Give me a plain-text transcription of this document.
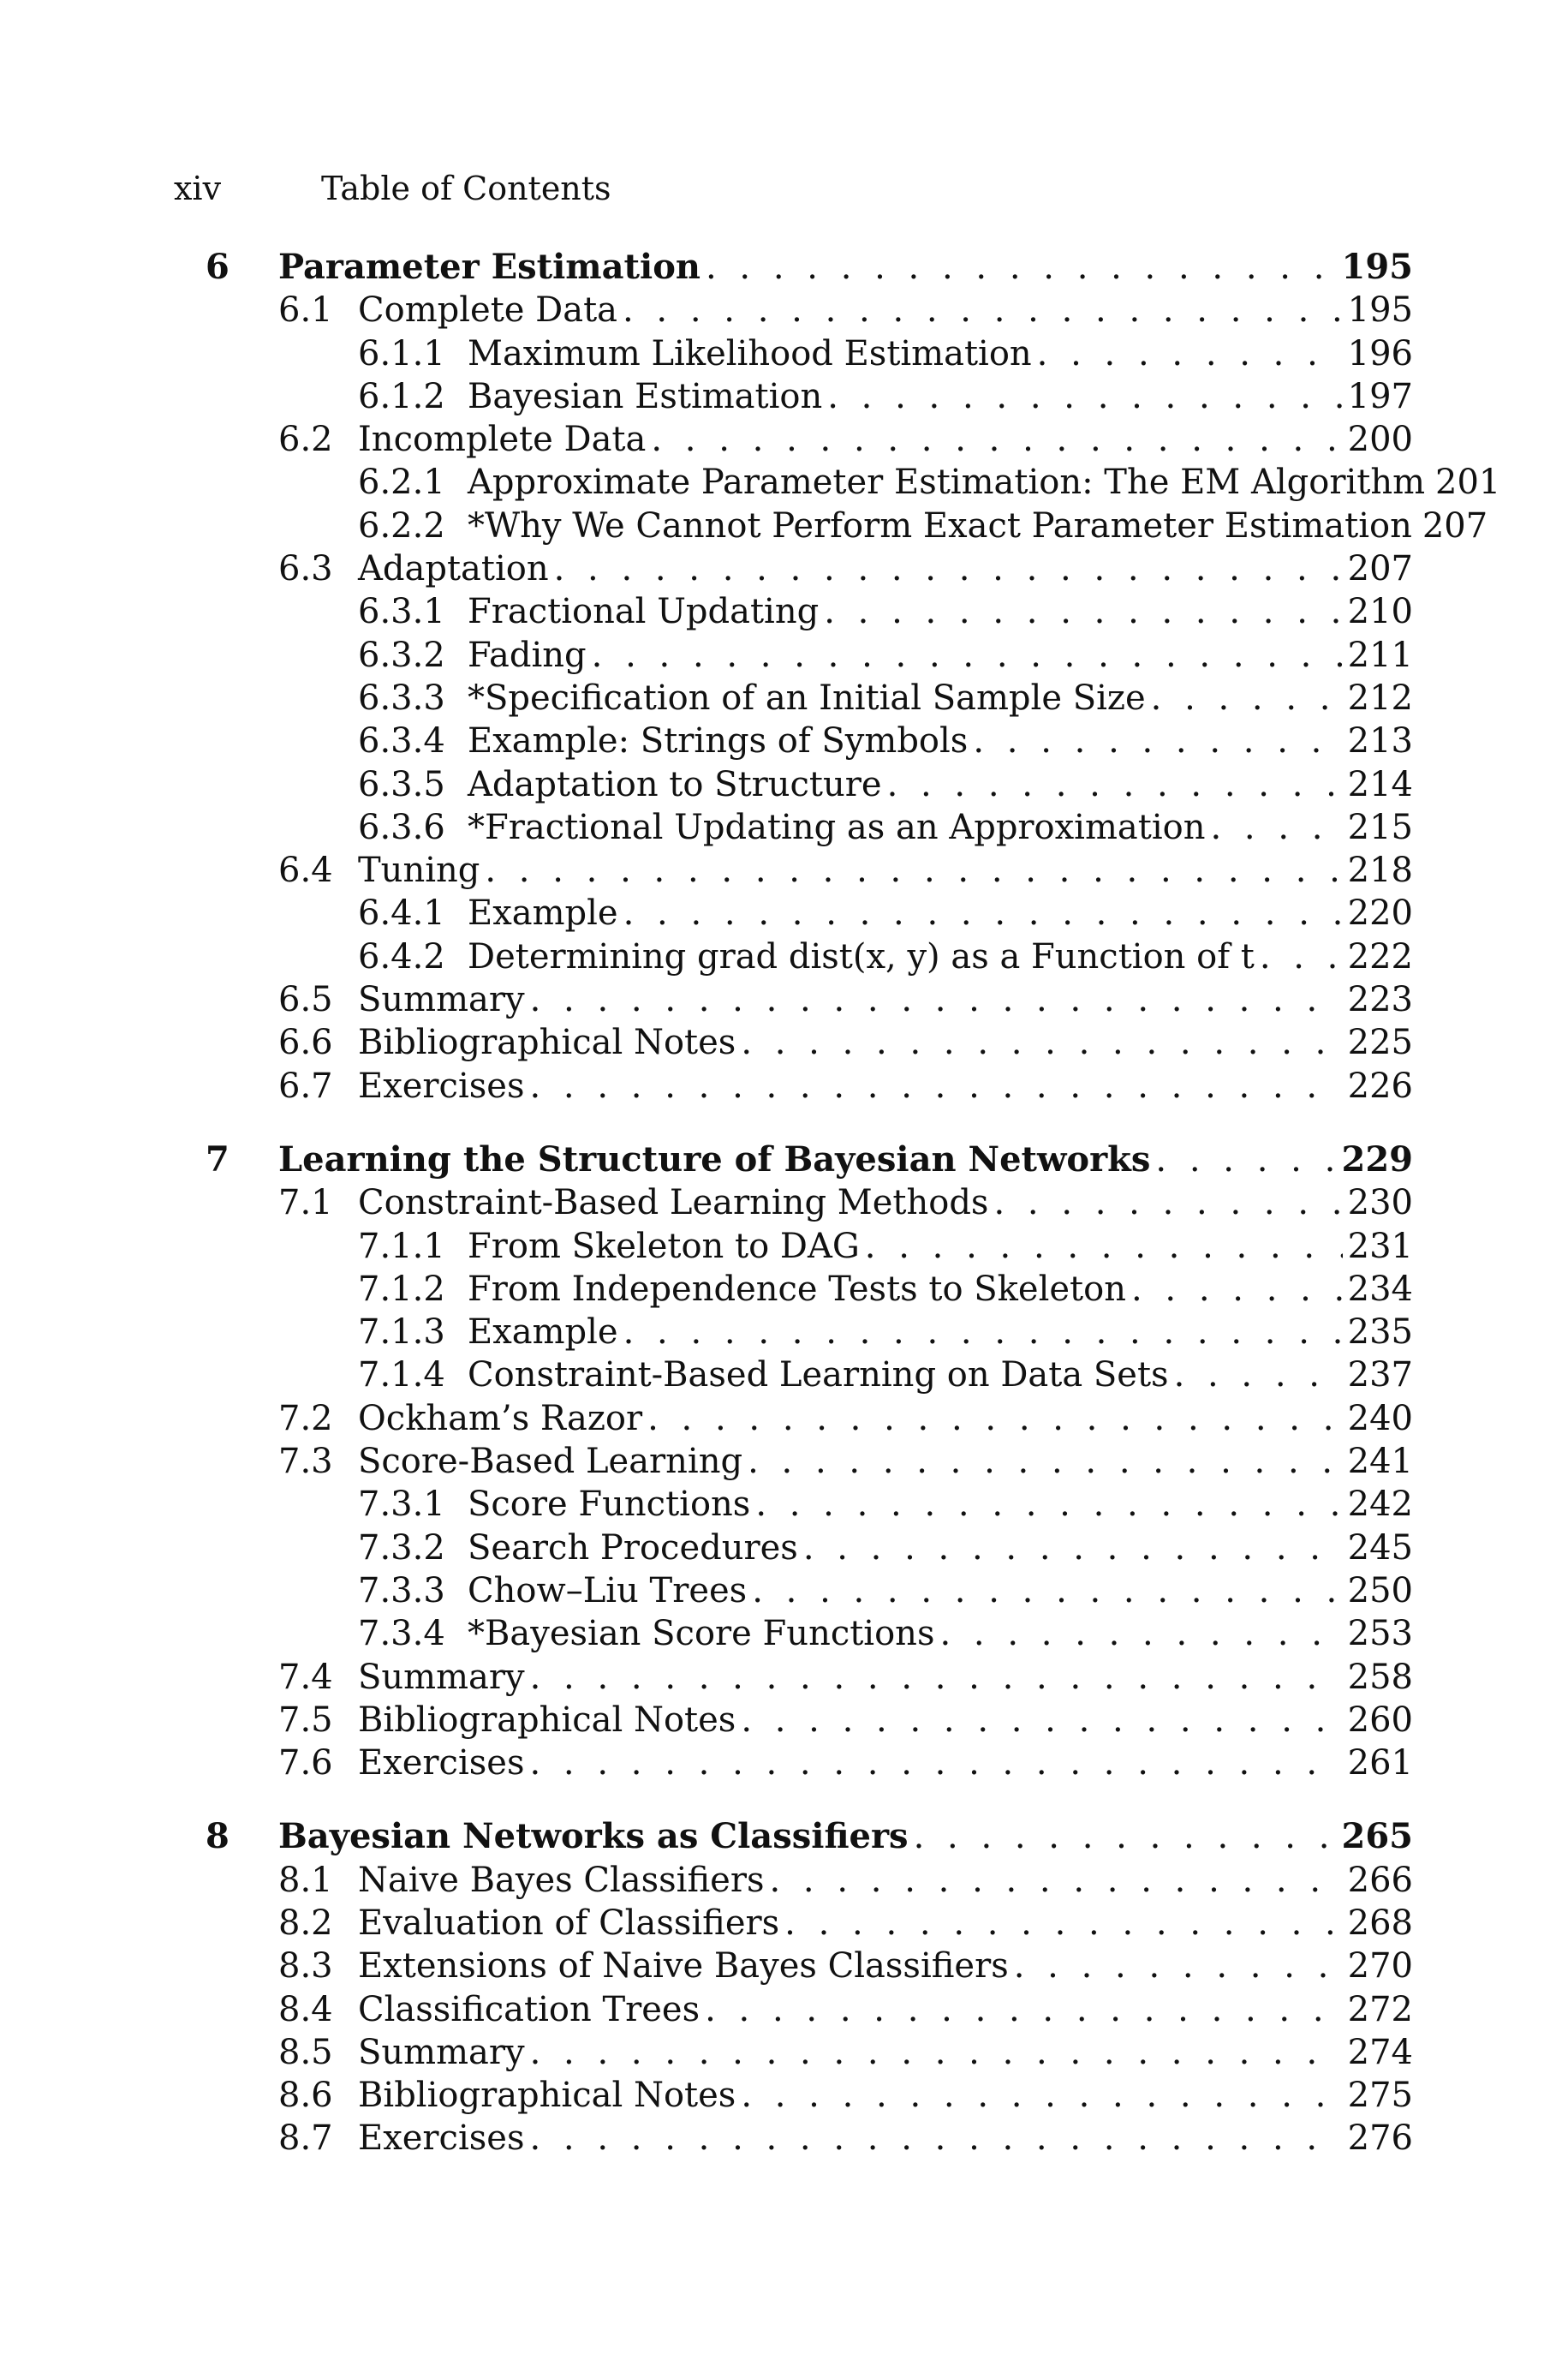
xiv	Table of Contents
6	Parameter Estimation . . .	195
6.1 Complete Data . . .	195
6.1.1 Maximum Likelihood Estimation . . .	196
6.1.2 Bayesian Estimation . . .	197
6.2 Incomplete Data . . .	200
6.2.1 Approximate Parameter Estimation: The EM Algorithm 201
6.2.2 *Why We Cannot Perform Exact Parameter Estimation 207
6.3 Adaptation . . .	207
6.3.1 Fractional Updating . . .	210
6.3.2 Fading . . .	211
6.3.3 *Specification of an Initial Sample Size . . .	212
6.3.4 Example: Strings of Symbols . . .	213
6.3.5 Adaptation to Structure . . .	214
6.3.6 *Fractional Updating as an Approximation . . .	215
6.4 Tuning . . .	218
6.4.1 Example . . .	220
6.4.2 Determining grad dist(x, y) as a Function of t . . .	222
6.5 Summary . . .	223
6.6 Bibliographical Notes . . .	225
6.7 Exercises . . .	226
7	Learning the Structure of Bayesian Networks . . .	229
7.1 Constraint-Based Learning Methods . . .	230
7.1.1 From Skeleton to DAG . . .	231
7.1.2 From Independence Tests to Skeleton . . .	234
7.1.3 Example . . .	235
7.1.4 Constraint-Based Learning on Data Sets . . .	237
7.2 Ockham’s Razor . . .	240
7.3 Score-Based Learning . . .	241
7.3.1 Score Functions . . .	242
7.3.2 Search Procedures . . .	245
7.3.3 Chow–Liu Trees . . .	250
7.3.4 *Bayesian Score Functions . . .	253
7.4 Summary . . .	258
7.5 Bibliographical Notes . . .	260
7.6 Exercises . . .	261
8	Bayesian Networks as Classifiers . . .	265
8.1 Naive Bayes Classifiers . . .	266
8.2 Evaluation of Classifiers . . .	268
8.3 Extensions of Naive Bayes Classifiers . . .	270
8.4 Classification Trees . . .	272
8.5 Summary . . .	274
8.6 Bibliographical Notes . . .	275
8.7 Exercises . . .	276
